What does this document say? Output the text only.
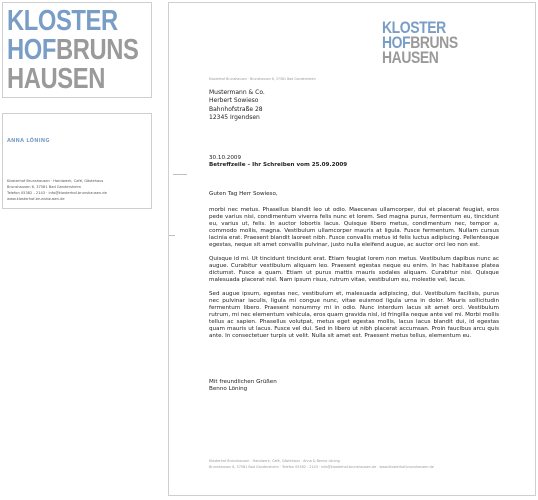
KLOSTER
HOFBRUNS
HAUSEN
ANNA LÖNING
Klosterhof Brunshausen · Handwerk, Café, Gästehaus
Brunshausen 6, 37581 Bad Gandersheim
Telefon 05382 - 2143 · info@klosterhof-brunshausen.de
www.klosterhof-brunshausen.de
KLOSTER
HOFBRUNS
HAUSEN
Klosterhof Brunshausen · Brunshausen 6, 37581 Bad Gandersheim
Mustermann & Co.
Herbert Sowieso
Bahnhofstraße 28
12345 Irgendsen
30.10.2009
Betreffzeile – Ihr Schreiben vom 25.09.2009
Guten Tag Herr Sowieso,

morbi nec metus. Phasellus blandit leo ut odio. Maecenas ullamcorper, dui et placerat feugiat, eros pede varius nisi, condimentum viverra felis nunc et lorem. Sed magna purus, fermentum eu, tincidunt eu, varius ut, felis. In auctor lobortis lacus. Quisque libero metus, condimentum nec, tempor a, commodo mollis, magna. Vestibulum ullamcorper mauris at ligula. Fusce fermentum. Nullam cursus lacinia erat. Praesent blandit laoreet nibh. Fusce convallis metus id felis luctus adipiscing. Pellentesque egestas, neque sit amet convallis pulvinar, justo nulla eleifend augue, ac auctor orci leo non est.

Quisque id mi. Ut tincidunt tincidunt erat. Etiam feugiat lorem non metus. Vestibulum dapibus nunc ac augue. Curabitur vestibulum aliquam leo. Praesent egestas neque eu enim. In hac habitasse platea dictumst. Fusce a quam. Etiam ut purus mattis mauris sodales aliquam. Curabitur nisi. Quisque malesuada placerat nisl. Nam ipsum risus, rutrum vitae, vestibulum eu, molestie vel, lacus.

Sed augue ipsum, egestas nec, vestibulum et, malesuada adipiscing, dui. Vestibulum facilisis, purus nec pulvinar iaculis, ligula mi congue nunc, vitae euismod ligula urna in dolor. Mauris sollicitudin fermentum libero. Praesent nonummy mi in odio. Nunc interdum lacus sit amet orci. Vestibulum rutrum, mi nec elementum vehicula, eros quam gravida nisl, id fringilla neque ante vel mi. Morbi mollis tellus ac sapien. Phasellus volutpat, metus eget egestas mollis, lacus lacus blandit dui, id egestas quam mauris ut lacus. Fusce vel dui. Sed in libero ut nibh placerat accumsan. Proin faucibus arcu quis ante. In consectetuer turpis ut velit. Nulla sit amet est. Praesent metus tellus, elementum eu.

Mit freundlichen Grüßen
Benno Löning
Klosterhof Brunshausen · Handwerk, Café, Gästehaus · Anna & Benno Löning
Brunshausen 6, 37581 Bad Gandersheim · Telefon 05382 - 2143 · info@klosterhof-brunshausen.de · www.klosterhof-brunshausen.de
